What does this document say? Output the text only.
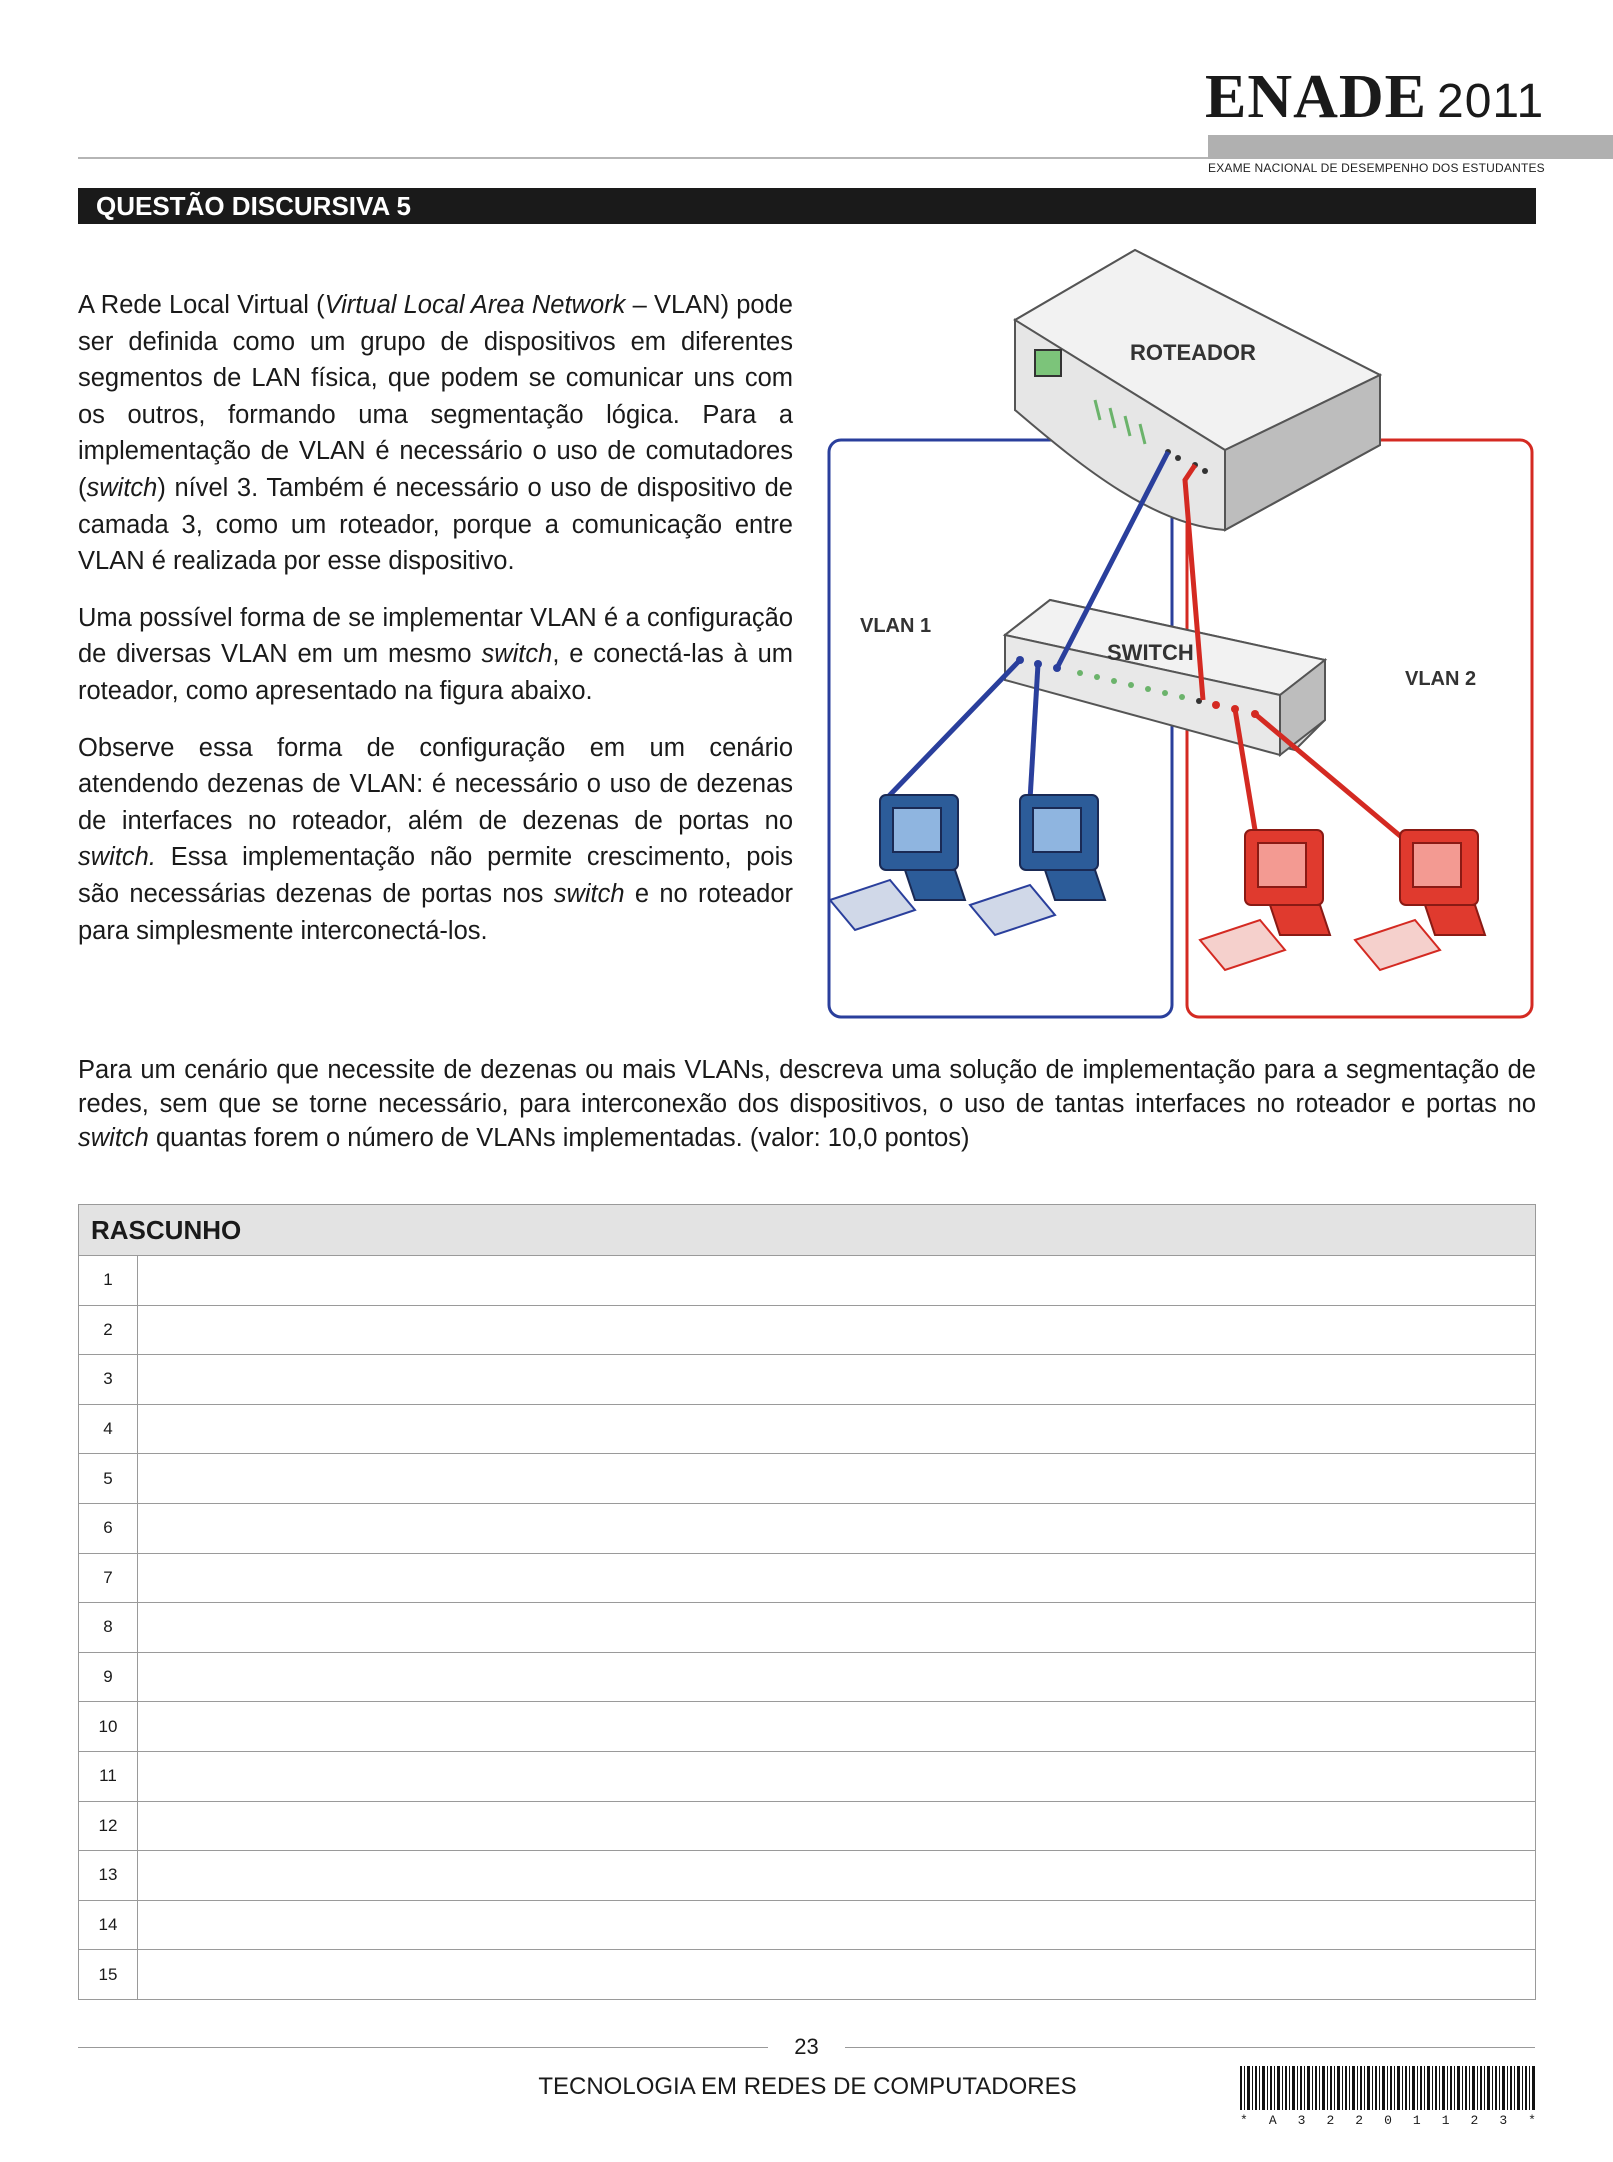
ENADE 2011
EXAME NACIONAL DE DESEMPENHO DOS ESTUDANTES
QUESTÃO DISCURSIVA 5

A Rede Local Virtual (Virtual Local Area Network – VLAN) pode ser definida como um grupo de dispositivos em diferentes segmentos de LAN física, que podem se comunicar uns com os outros, formando uma segmentação lógica. Para a implementação de VLAN é necessário o uso de comutadores (switch) nível 3. Também é necessário o uso de dispositivo de camada 3, como um roteador, porque a comunicação entre VLAN é realizada por esse dispositivo.

Uma possível forma de se implementar VLAN é a configuração de diversas VLAN em um mesmo switch, e conectá-las à um roteador, como apresentado na figura abaixo.

Observe essa forma de configuração em um cenário atendendo dezenas de VLAN: é necessário o uso de dezenas de interfaces no roteador, além de dezenas de portas no switch. Essa implementação não permite crescimento, pois são necessárias dezenas de portas nos switch e no roteador para simplesmente interconectá-los.

ROTEADOR
SWITCH
VLAN 1
VLAN 2
Para um cenário que necessite de dezenas ou mais VLANs, descreva uma solução de implementação para a segmentação de redes, sem que se torne necessário, para interconexão dos dispositivos, o uso de tantas interfaces no roteador e portas no switch quantas forem o número de VLANs implementadas. (valor: 10,0 pontos)
RASCUNHO
1
2
3
4
5
6
7
8
9
10
11
12
13
14
15
23
TECNOLOGIA EM REDES DE COMPUTADORES
* A 3 2 2 0 1 1 2 3 *
